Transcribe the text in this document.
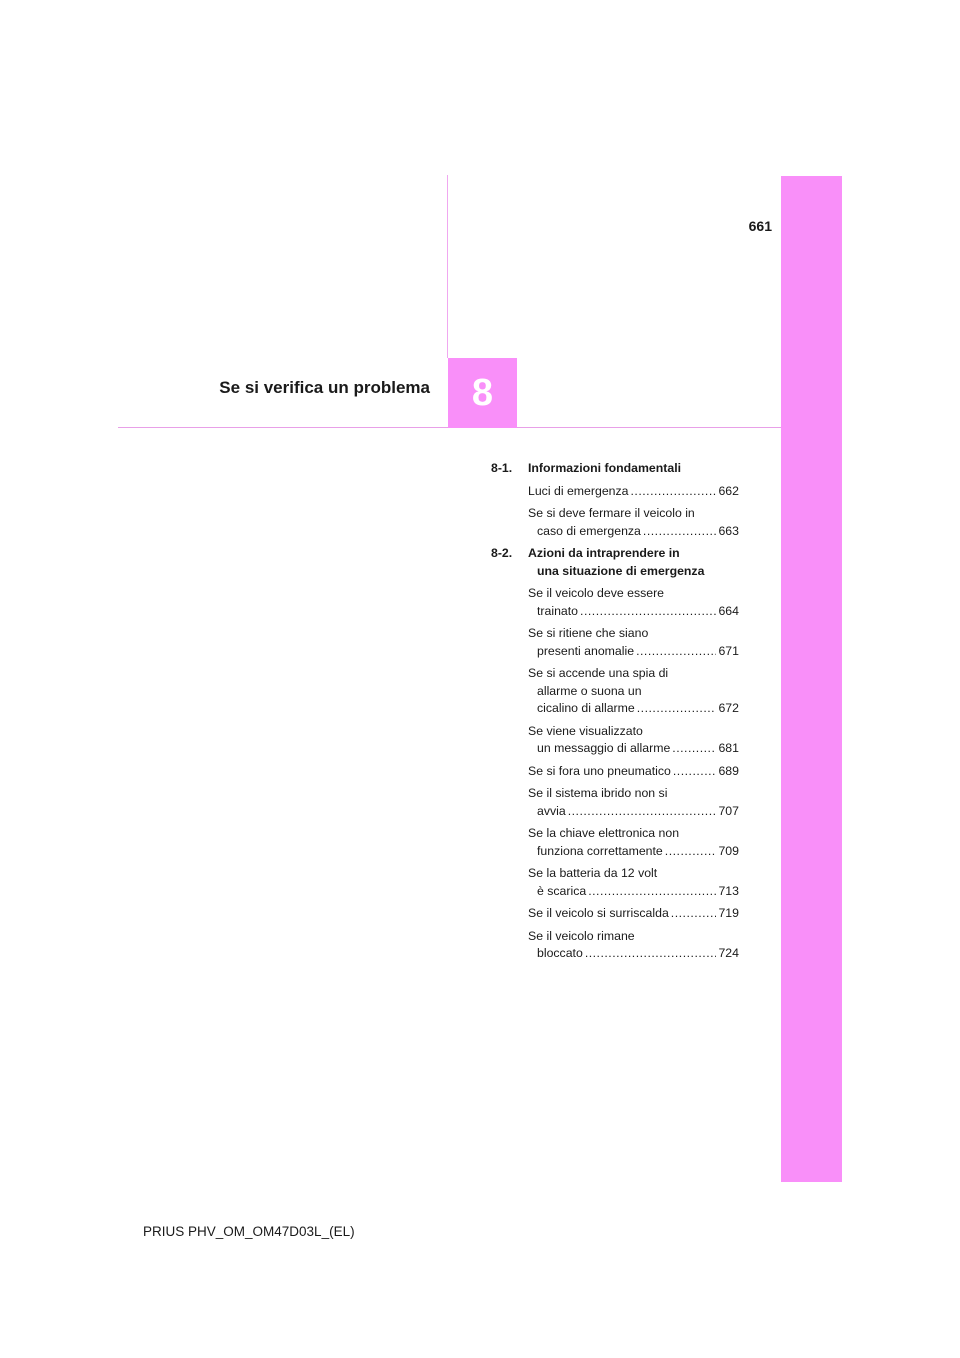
661
Se si verifica un problema 8
8-1. Informazioni fondamentali
Luci di emergenza .....	662
Se si deve fermare il veicolo in
caso di emergenza .....	663
8-2. Azioni da intraprendere in
una situazione di emergenza
Se il veicolo deve essere
trainato .....	664
Se si ritiene che siano
presenti anomalie .....	671
Se si accende una spia di
allarme o suona un
cicalino di allarme .....	672
Se viene visualizzato
un messaggio di allarme .....	681
Se si fora uno pneumatico .....	689
Se il sistema ibrido non si
avvia .....	707
Se la chiave elettronica non
funziona correttamente .....	709
Se la batteria da 12 volt
è scarica .....	713
Se il veicolo si surriscalda .....	719
Se il veicolo rimane
bloccato .....	724
PRIUS PHV_OM_OM47D03L_(EL)
